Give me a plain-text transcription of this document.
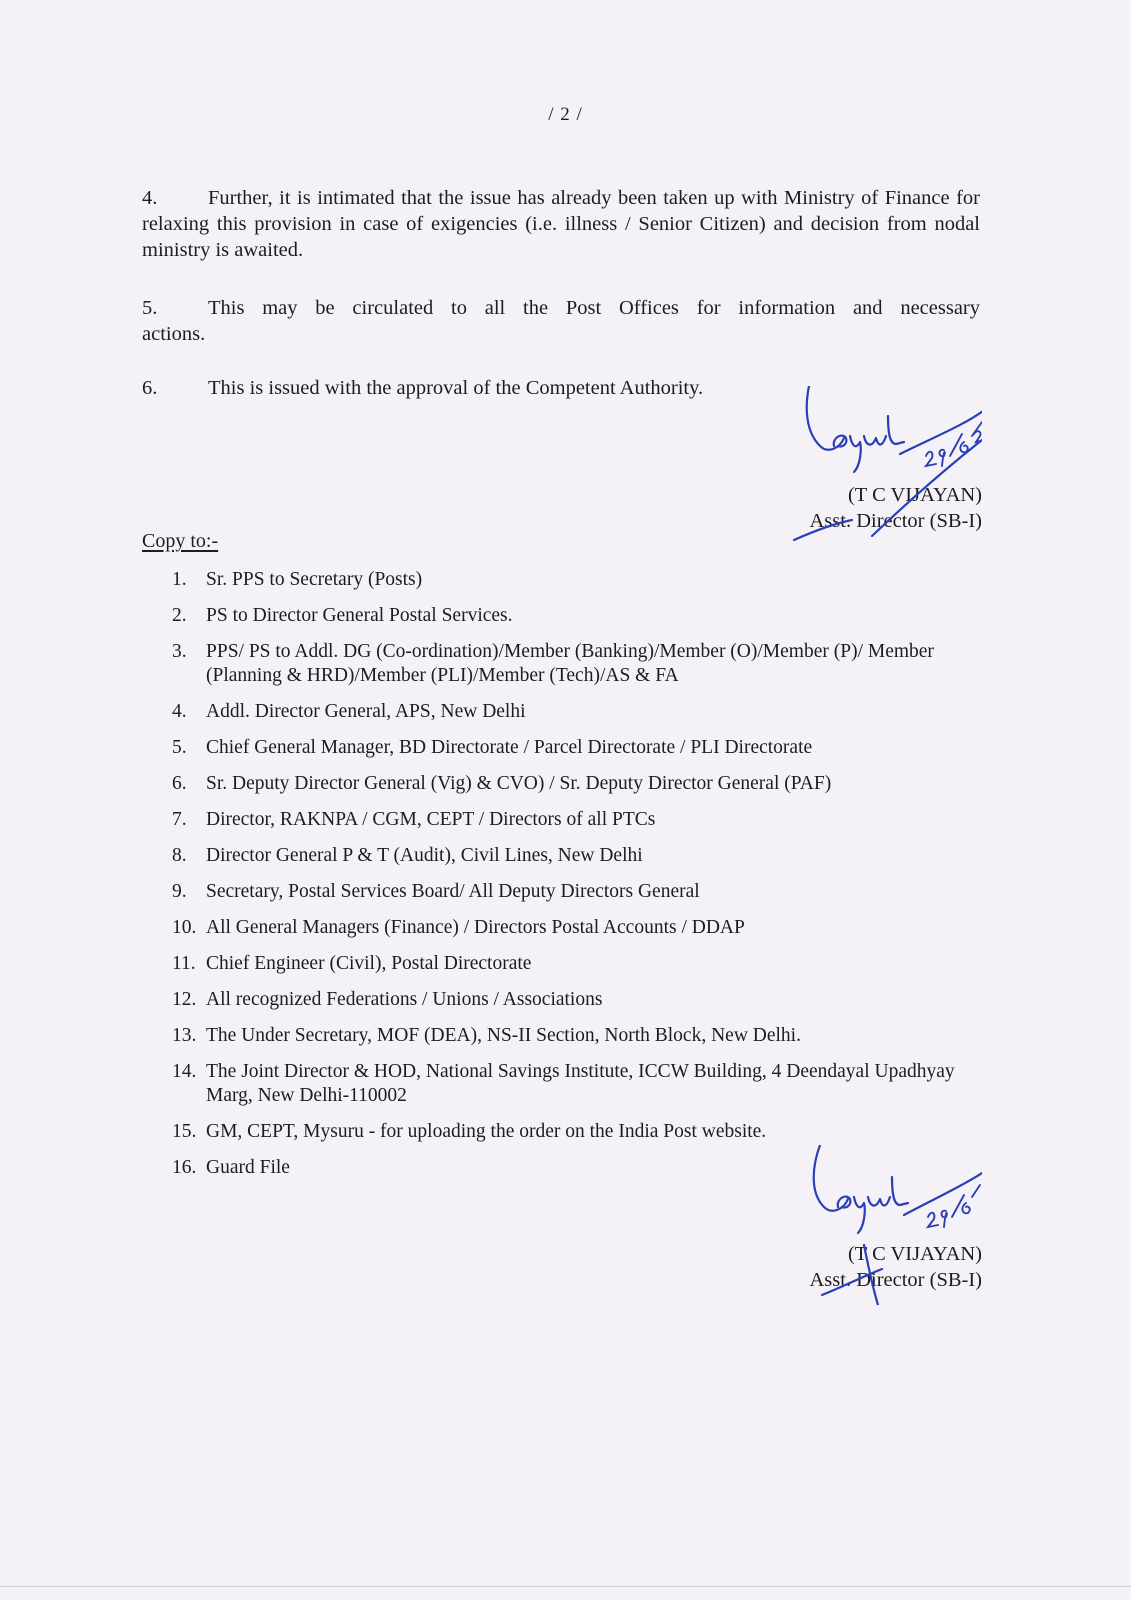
/ 2 /
4. Further, it is intimated that the issue has already been taken up with Ministry of Finance for relaxing this provision in case of exigencies (i.e. illness / Senior Citizen) and decision from nodal ministry is awaited.
5. This may be circulated to all the Post Offices for information and necessary actions.
6. This is issued with the approval of the Competent Authority.
(T C VIJAYAN)
Asst. Director (SB-I)
Copy to:-
1. Sr. PPS to Secretary (Posts)
2. PS to Director General Postal Services.
3. PPS/ PS to Addl. DG (Co-ordination)/Member (Banking)/Member (O)/Member (P)/ Member (Planning & HRD)/Member (PLI)/Member (Tech)/AS & FA
4. Addl. Director General, APS, New Delhi
5. Chief General Manager, BD Directorate / Parcel Directorate / PLI Directorate
6. Sr. Deputy Director General (Vig) & CVO) / Sr. Deputy Director General (PAF)
7. Director, RAKNPA / CGM, CEPT / Directors of all PTCs
8. Director General P & T (Audit), Civil Lines, New Delhi
9. Secretary, Postal Services Board/ All Deputy Directors General
10. All General Managers (Finance) / Directors Postal Accounts / DDAP
11. Chief Engineer (Civil), Postal Directorate
12. All recognized Federations / Unions / Associations
13. The Under Secretary, MOF (DEA), NS-II Section, North Block, New Delhi.
14. The Joint Director & HOD, National Savings Institute, ICCW Building, 4 Deendayal Upadhyay Marg, New Delhi-110002
15. GM, CEPT, Mysuru - for uploading the order on the India Post website.
16. Guard File
(T C VIJAYAN)
Asst. Director (SB-I)
